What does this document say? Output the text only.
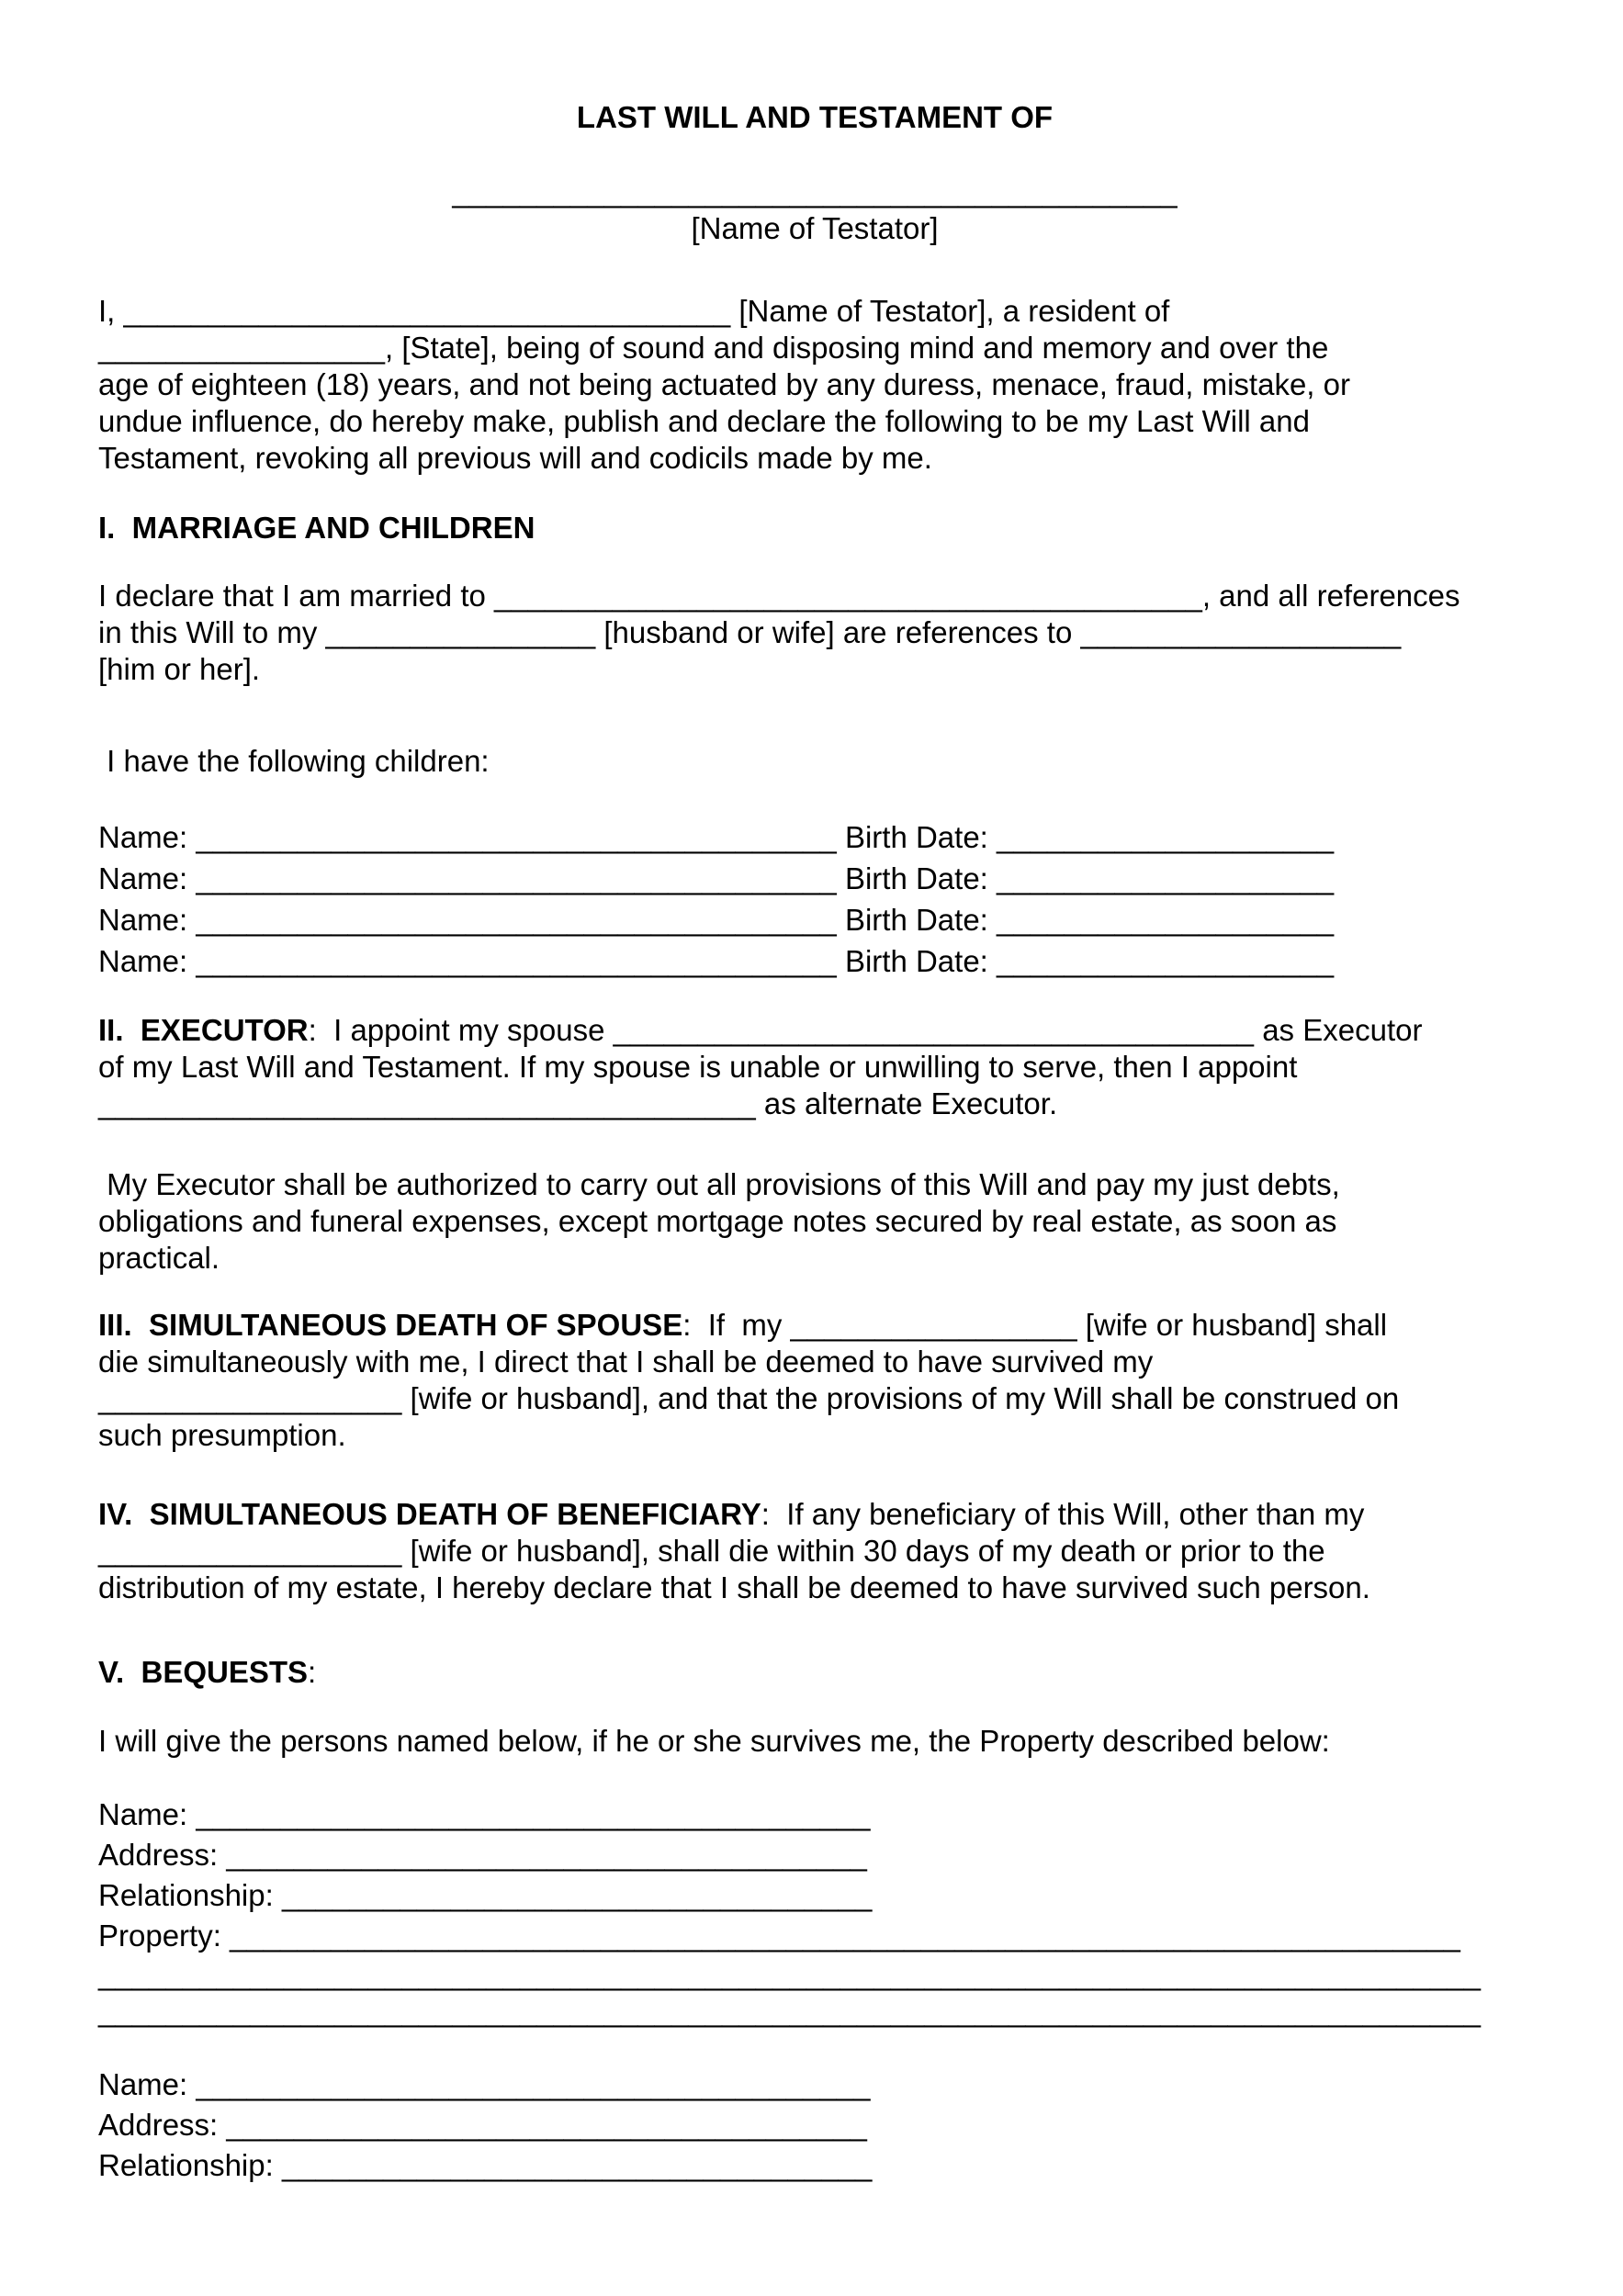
LAST WILL AND TESTAMENT OF
___________________________________________
[Name of Testator]
I, ____________________________________ [Name of Testator], a resident of
_________________, [State], being of sound and disposing mind and memory and over the
age of eighteen (18) years, and not being actuated by any duress, menace, fraud, mistake, or
undue influence, do hereby make, publish and declare the following to be my Last Will and
Testament, revoking all previous will and codicils made by me.
I.  MARRIAGE AND CHILDREN
I declare that I am married to __________________________________________, and all references
in this Will to my ________________ [husband or wife] are references to ___________________
[him or her].
I have the following children:
Name: ______________________________________ Birth Date: ____________________
Name: ______________________________________ Birth Date: ____________________
Name: ______________________________________ Birth Date: ____________________
Name: ______________________________________ Birth Date: ____________________
II.  EXECUTOR:  I appoint my spouse ______________________________________ as Executor
of my Last Will and Testament. If my spouse is unable or unwilling to serve, then I appoint
_______________________________________ as alternate Executor.
My Executor shall be authorized to carry out all provisions of this Will and pay my just debts,
obligations and funeral expenses, except mortgage notes secured by real estate, as soon as
practical.
III.  SIMULTANEOUS DEATH OF SPOUSE:  If  my _________________ [wife or husband] shall
die simultaneously with me, I direct that I shall be deemed to have survived my
__________________ [wife or husband], and that the provisions of my Will shall be construed on
such presumption.
IV.  SIMULTANEOUS DEATH OF BENEFICIARY:  If any beneficiary of this Will, other than my
__________________ [wife or husband], shall die within 30 days of my death or prior to the
distribution of my estate, I hereby declare that I shall be deemed to have survived such person.
V.  BEQUESTS:
I will give the persons named below, if he or she survives me, the Property described below:
Name: ________________________________________
Address: ______________________________________
Relationship: ___________________________________
Property: _________________________________________________________________________
__________________________________________________________________________________
__________________________________________________________________________________
Name: ________________________________________
Address: ______________________________________
Relationship: ___________________________________
